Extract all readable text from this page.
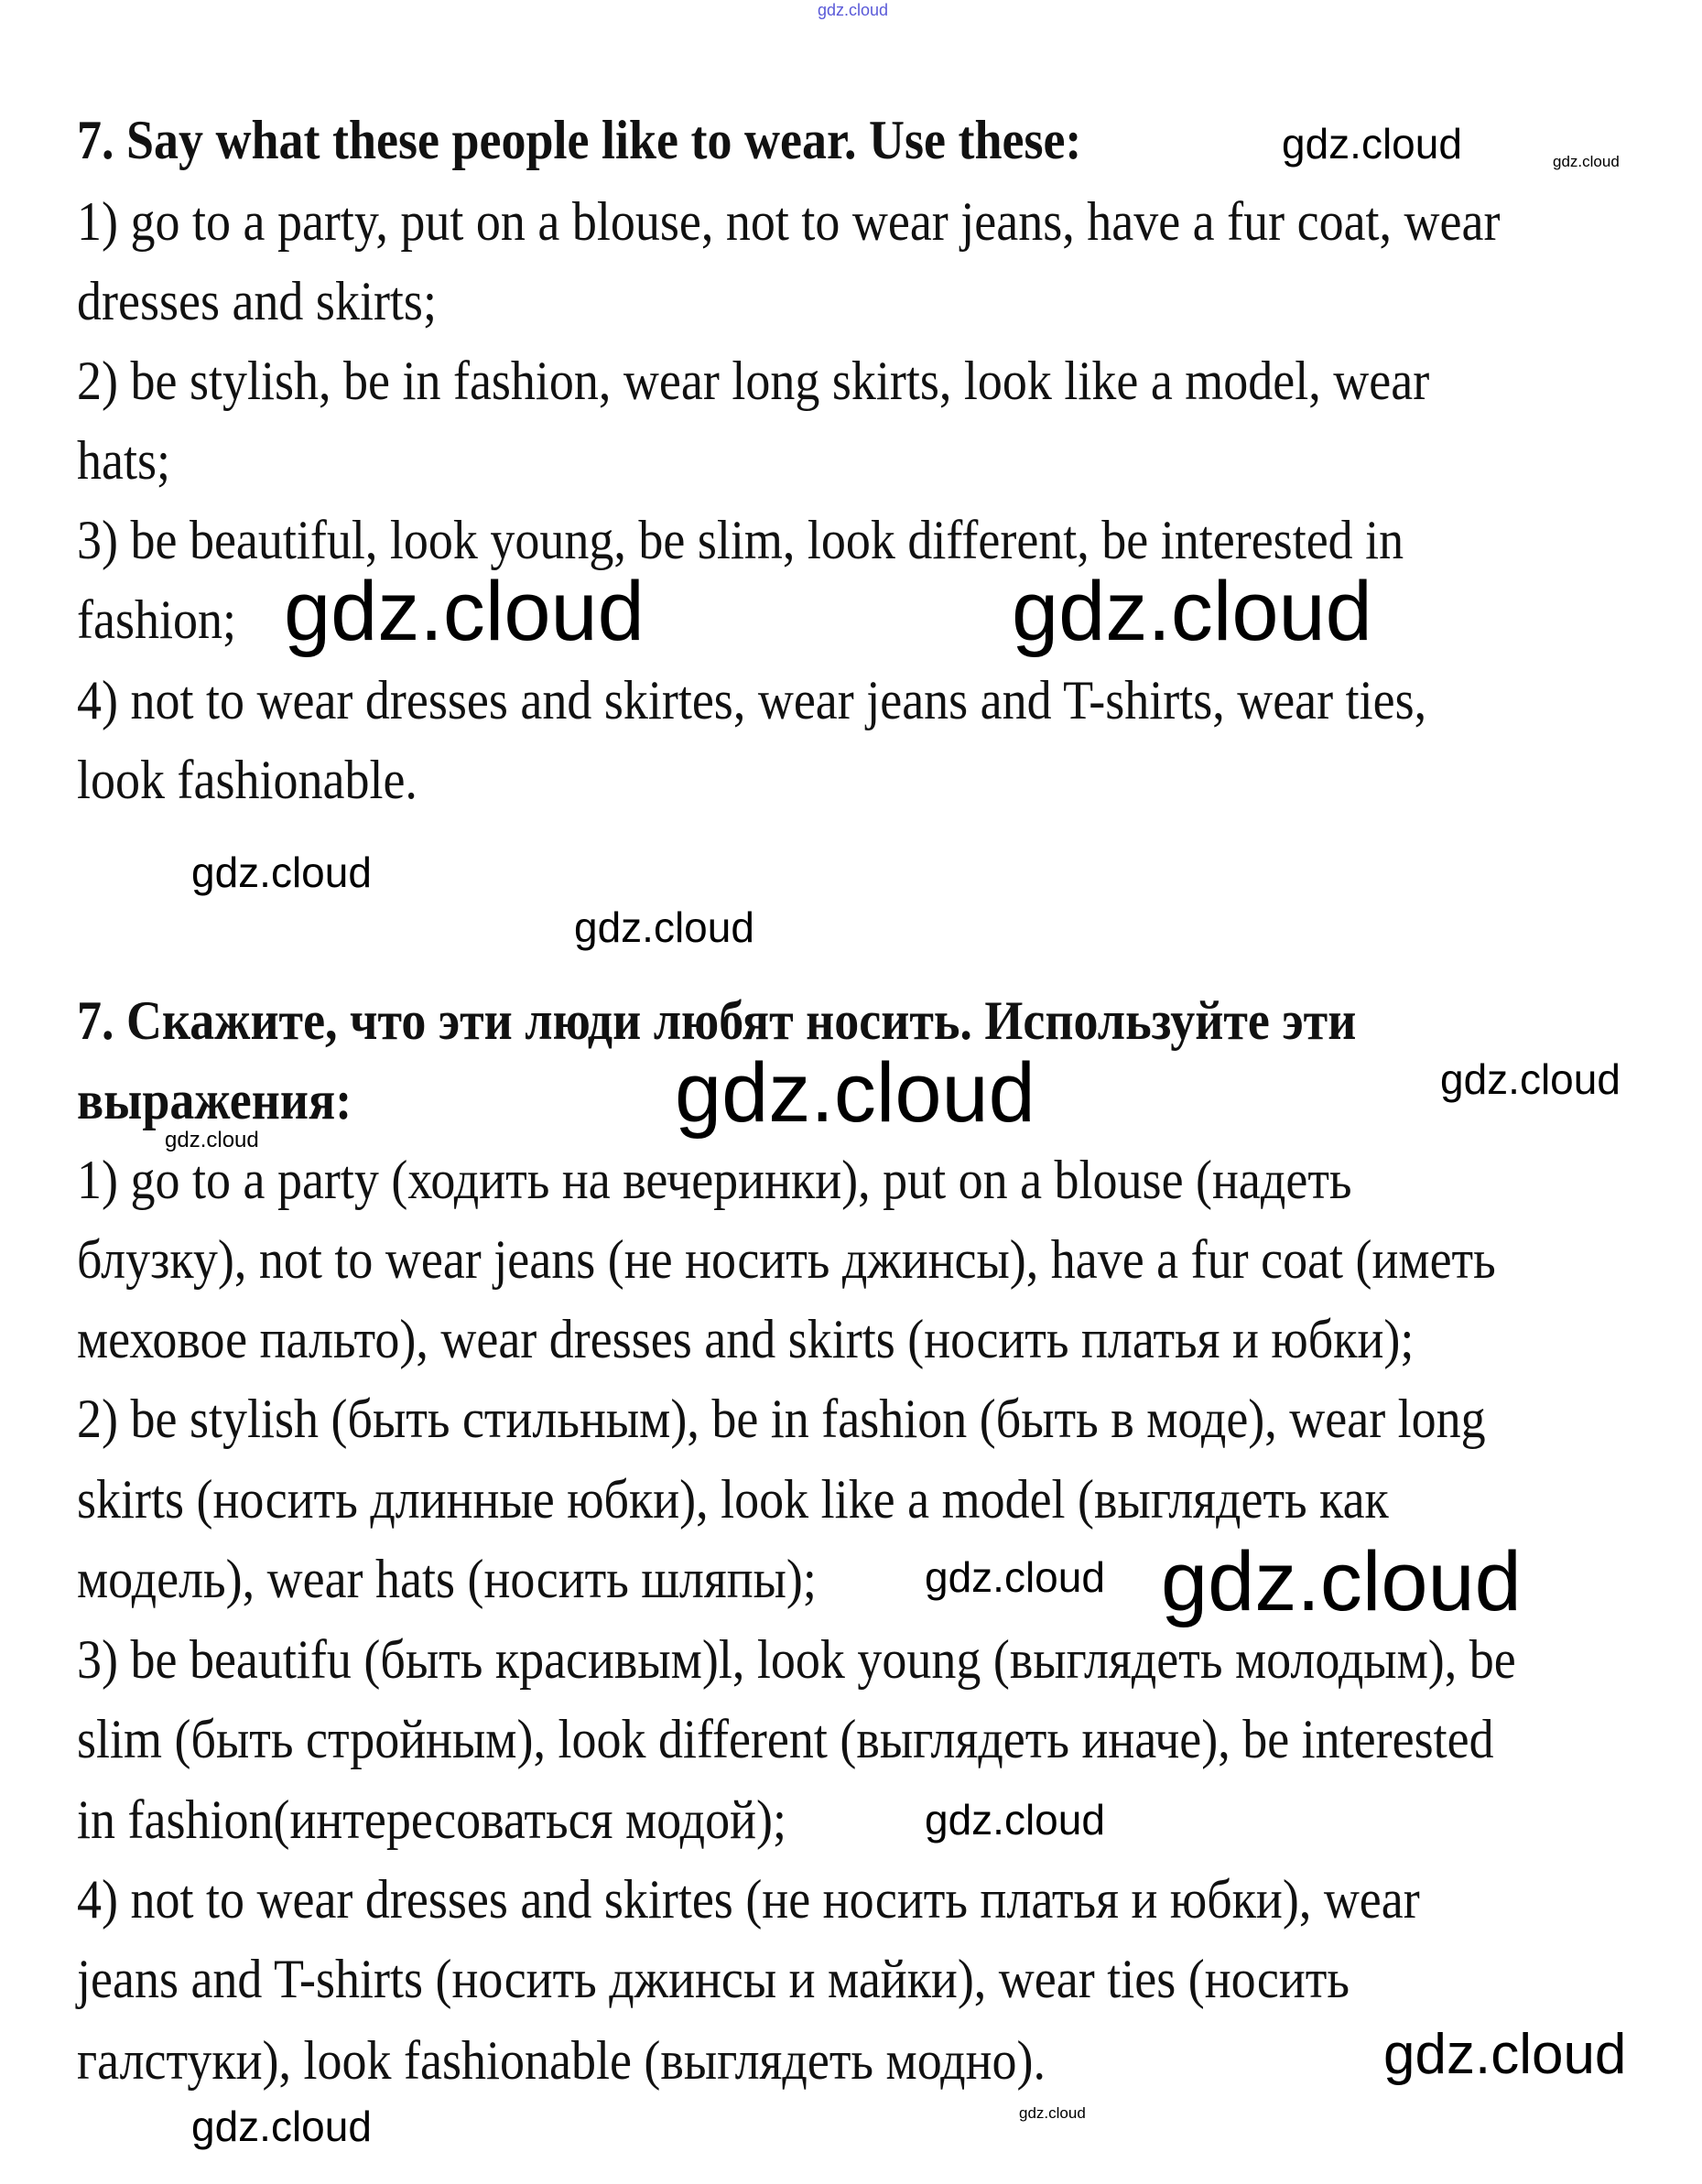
7. Say what these people like to wear. Use these:
1) go to a party, put on a blouse, not to wear jeans, have a fur coat, wear
dresses and skirts;
2) be stylish, be in fashion, wear long skirts, look like a model, wear
hats;
3) be beautiful, look young, be slim, look different, be interested in
fashion;
4) not to wear dresses and skirtes, wear jeans and T-shirts, wear ties,
look fashionable.
7. Скажите, что эти люди любят носить. Используйте эти
выражения:
1) go to a party (ходить на вечеринки), put on a blouse (надеть
блузку), not to wear jeans (не носить джинсы), have a fur coat (иметь
меховое пальто), wear dresses and skirts (носить платья и юбки);
2) be stylish (быть стильным), be in fashion (быть в моде), wear long
skirts (носить длинные юбки), look like a model (выглядеть как
модель), wear hats (носить шляпы);
3) be beautifu (быть красивым)l, look young (выглядеть молодым), be
slim (быть стройным), look different (выглядеть иначе), be interested
in fashion(интересоваться модой);
4) not to wear dresses and skirtes (не носить платья и юбки), wear
jeans and T-shirts (носить джинсы и майки), wear ties (носить
галстуки), look fashionable (выглядеть модно).
gdz.cloud
gdz.cloud	gdz.cloud
gdz.cloud	gdz.cloud
gdz.cloud
gdz.cloud
gdz.cloud	gdz.cloud
gdz.cloud
gdz.cloud
gdz.cloud
gdz.cloud
gdz.cloud
gdz.cloud	gdz.cloud
